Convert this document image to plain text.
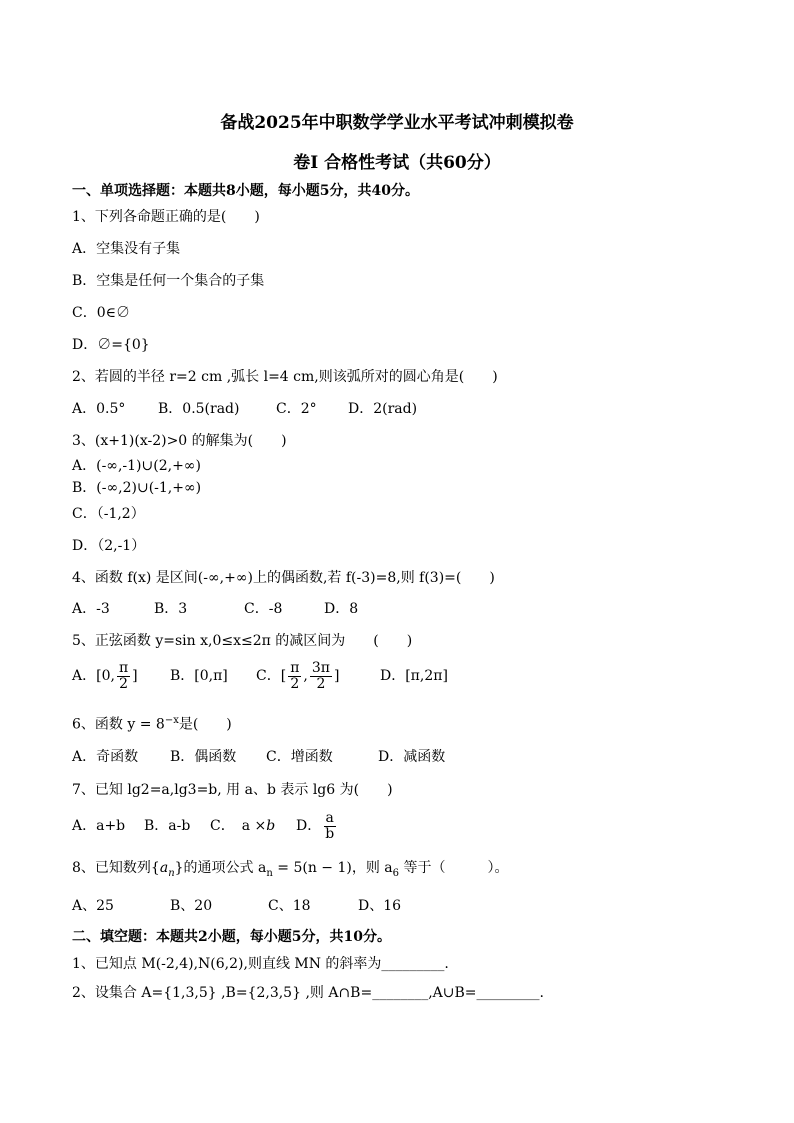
备战2025年中职数学学业水平考试冲刺模拟卷
卷Ⅰ 合格性考试（共60分）
一、单项选择题：本题共8小题，每小题5分，共40分。
1、下列各命题正确的是(　　)
A．空集没有子集
B．空集是任何一个集合的子集
C．0∈∅
D．∅={0}
2、若圆的半径 r=2 cm ,弧长 l=4 cm,则该弧所对的圆心角是(　　)
A．0.5° B．0.5(rad)	C．2° D．2(rad)
3、(x+1)(x-2)>0 的解集为(　　)
A．(-∞,-1)∪(2,+∞)
B．(-∞,2)∪(-1,+∞)
C．（-1,2）
D．（2,-1）
4、函数 f(x) 是区间(-∞,+∞)上的偶函数,若 f(-3)=8,则 f(3)=(　　)
A．-3	B．3	C．-8	D．8
5、正弦函数 y=sin x,0≤x≤2π 的减区间为　　(　　)
A．[0, $\frac{\pi}{2}$ ] B．[0,π] C．[ $\frac{\pi}{2}$ , $\frac{3\pi}{2}$ ]	D．[π,2π]
6、函数 $y = 8^{-x}$是(　　)
A．奇函数 B．偶函数 C．增函数	D．减函数
7、已知 lg2=a,lg3=b, 用 a、b 表示 lg6 为(　　)
A．a+b B．a-b C．　a ×b D． $\frac{a}{b}$
8、已知数列$\{a_n\}$的通项公式 $a_n = 5(n - 1)$，则 $a_6$ 等于（　　　）。
A、25	B、20	C、18	D、16
二、填空题：本题共2小题，每小题5分，共10分。
1、已知点 M(-2,4),N(6,2),则直线 MN 的斜率为_________.
2、设集合 A={1,3,5} ,B={2,3,5} ,则 A∩B=________,A∪B=_________.
